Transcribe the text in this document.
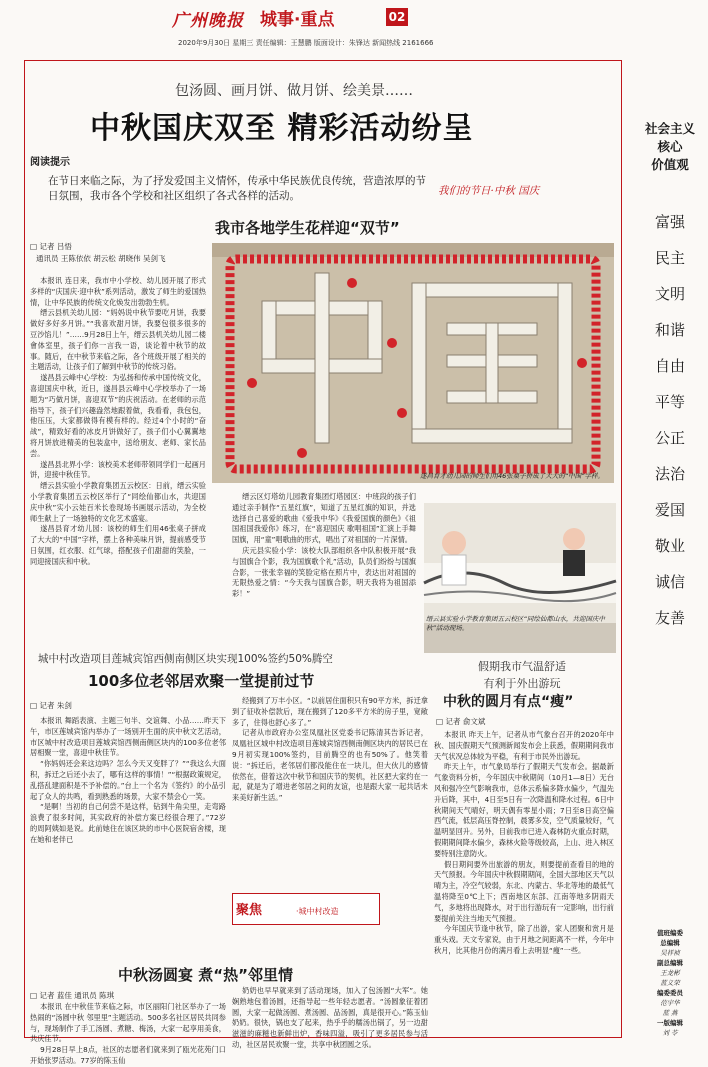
广州晚报 城事·重点	02
2020年9月30日 星期三 责任编辑：王慧鹏 版面设计：朱锋达 新闻热线 2161666
包汤圆、画月饼、做月饼、绘美景……
中秋国庆双至 精彩活动纷呈
阅读提示
在节日来临之际，为了抒发爱国主义情怀，传承中华民族优良传统，营造浓厚的节日氛围，我市各个学校和社区组织了各式各样的活动。	我们的节日·中秋 国庆
我市各地学生花样迎“双节”
□ 记者 吕悟
通讯员 王陈依依 胡云松 胡晓伟 吴剑飞

本报讯 连日来，我市中小学校、幼儿园开展了形式多样的“庆国庆·迎中秋”系列活动，激发了师生的爱国热情，让中华民族的传统文化焕发出勃勃生机。

缙云县机关幼儿园：“妈妈说中秋节要吃月饼，我要做好多好多月饼。”“我喜欢甜月饼，我要包很多很多的豆沙馅儿！”……9月28日上午，缙云县机关幼儿园二楼會体室里，孩子们你一言我一语，谈论着中秋节的故事。随后，在中秋节来临之际，各个班级开展了相关的主题活动，让孩子们了解到中秋节的传统习俗。

遂昌县云峰中心学校：为弘扬和传承中国传统文化，喜迎国庆中秋，近日，遂昌县云峰中心学校举办了一场题为“巧做月饼，喜迎双节”的庆祝活动。在老师的示范指导下，孩子们兴趣盎然地跟着做，我看看，我包包，他压压，大家都做得有模有样的。经过4个小时的“奋战”，精致好看的冰皮月饼做好了，孩子们小心翼翼地将月饼放进精美的包装盒中，送给朋友、老师、家长品尝。

遂昌县北界小学：该校美术老师带领同学们一起画月饼，迎接中秋佳节。

缙云县实验小学教育集团五云校区：日前，缙云实验小学教育集团五云校区举行了“同绘仙都山水，共迎国庆中秋”实小云娃百米长卷现场书画展示活动，为全校师生献上了一场独特的文化艺术盛宴。

遂昌县育才幼儿园：该校的师生们用46张桌子拼成了大大的“中国”字样，摆上各种美味月饼，提前感受节日氛围，红衣服、红气球，搭配孩子们甜甜的笑脸，一同迎接国庆和中秋。

遂昌育才幼儿园的师生们用46张桌子拼成了大大的“中国”字样。

缙云区灯塔幼儿园教育集团灯塔园区：中班段的孩子们通过亲手制作“五星红旗”，知道了五星红旗的知识，并选选择自己喜爱的歌曲《爱我中华》《我爱国旗的颜色》《祖国祖国我爱你》练习，在“喜迎国庆 歌唱祖国”汇演上手舞国旗，用“童”唱歌曲的形式，唱出了对祖国的一片深情。

庆元县实验小学：该校大队部组织各中队积极开展“我与国旗合个影，我为国旗歌个礼”活动，队员们纷纷与国旗合影，一张张幸福的笑脸定格在照片中，表达出对祖国的无限热爱之情：“今天我与国旗合影，明天我将为祖国添彩！”

缙云县实验小学教育集团五云校区“同绘仙都山水，共迎国庆中秋”活动现场。
城中村改造项目莲城宾馆西侧南侧区块实现100%签约50%腾空
100多位老邻居欢聚一堂提前过节
□ 记者 朱剑

本报讯 舞蹈表演、主题三句半、交谊舞、小品……昨天下午，市区莲城宾馆内举办了一场别开生面的庆中秋文艺活动，市区城中村改造项目莲城宾馆西侧南侧区块内的100多位老邻居相聚一堂，喜迎中秋佳节。

“你妈妈还会来这边吗？怎么今天又变胖了？”“我这么大面积，拆迁之后还小去了，哪有这样的事情！”“根据政策规定，乱搭乱建面积是不予补偿的。”台上一个名为《签约》的小品引起了众人的共鸣，看到熟悉的场景，大家不禁会心一笑。

“是啊！当初的自己何尝不是这样，钻到牛角尖里，走弯路浪费了很多时间，其实政府的补偿方案已经很合理了。”72岁的周阿姨如是说。此前她住在该区块的市中心医院宿舍楼，现在她和老伴已

经搬到了万丰小区。“以前居住面积只有90平方米，拆迁拿到了征收补偿款后，现在搬到了120多平方米的房子里，宽敞多了，住得也舒心多了。”

记者从市政府办公室凤凰社区党委书记陈清其告诉记者，凤凰社区城中村改造项目莲城宾馆西侧南侧区块内的居民已在9月初实现100%签约，目前腾空的也有50%了。他笑着说：“拆迁后，老邻居们都没能住在一块儿，但大伙儿的感情依然在，借着这次中秋节和国庆节的契机，社区把大家约在一起，就是为了增进老邻居之间的友谊，也是跟大家一起共话未来美好新生活。”

聚焦	·城中村改造
假期我市气温舒适
有利于外出游玩
中秋的圆月有点“瘦”
□ 记者 俞文斌

本报讯 昨天上午，记者从市气象台召开的2020年中秋、国庆假期天气预测新闻发布会上获悉，假期期间我市天气状况总体较为平稳，有利于市民外出游玩。

昨天上午，市气象局举行了假期天气发布会。据最新气象资料分析，今年国庆中秋期间（10月1—8日）无台风和强冷空气影响我市，总体云系偏多降水偏少，气温先升后降，其中，4日至5日有一次降温和降水过程。6日中秋期间天气晴好，明天偶有零星小雨；7日至8日高空偏西气流，低层高压脊控制，晨雾多发，空气质量较好，气温明显回升。另外，目前我市已进入森林防火重点时期，假期期间降水偏少，森林火险等级较高，上山、进入林区要特别注意防火。

假日期间要外出旅游的朋友，则要提前查看目的地的天气预报。今年国庆中秋假期期间，全国大部地区天气以晴为主，冷空气较弱，东北、内蒙古、华北等地的最低气温将降至0℃上下；西南地区东部、江南等地多阴雨天气，多地将出现降水，对于出行游玩有一定影响，出行前要提前关注当地天气预报。

今年国庆节逢中秋节，除了出游，家人团聚和赏月是重头戏。天文专家说，由于月地之间距离不一样，今年中秋月，比其他月份的满月看上去明显“瘦”一些。

中秋汤圆宴 煮“热”邻里情
□ 记者 蓝佳 通讯员 陈琪

本报讯 在中秋佳节来临之际，市区丽阳门社区举办了一场热闹的“汤圆中秋 邻里里”主题活动。500多名社区居民共同参与，现场制作了手工汤圆、煮糖、梅汤，大家一起享用美食，共庆佳节。

9月28日早上8点，社区的志愿者们就来到了瓯光花苑门口开始张罗活动。77岁的陈玉仙

奶奶也早早就来到了活动现场，加入了包汤圆“大军”。她娴熟地包着汤圆，还指导起一些年轻志愿者。“汤圆象征着团圆，大家一起做汤圆、煮汤圆、品汤圆，真是很开心。”陈玉仙奶奶。很快，锅也支了起来，热乎乎的糯汤出锅了，另一边甜滋滋的麻糍也新鲜出炉，香味四溢，吸引了更多居民参与活动，社区居民欢聚一堂，共享中秋团圆之乐。

社会主义
核心
价值观
富强
民主
文明
和谐
自由
平等
公正
法治
爱国
敬业
诚信
友善
值班编委
总编辑
吴祥祯
副总编辑
王龙彬
蓝义荣
编委委员
范宇华
蓝 燕
一版编辑
刘 苓
